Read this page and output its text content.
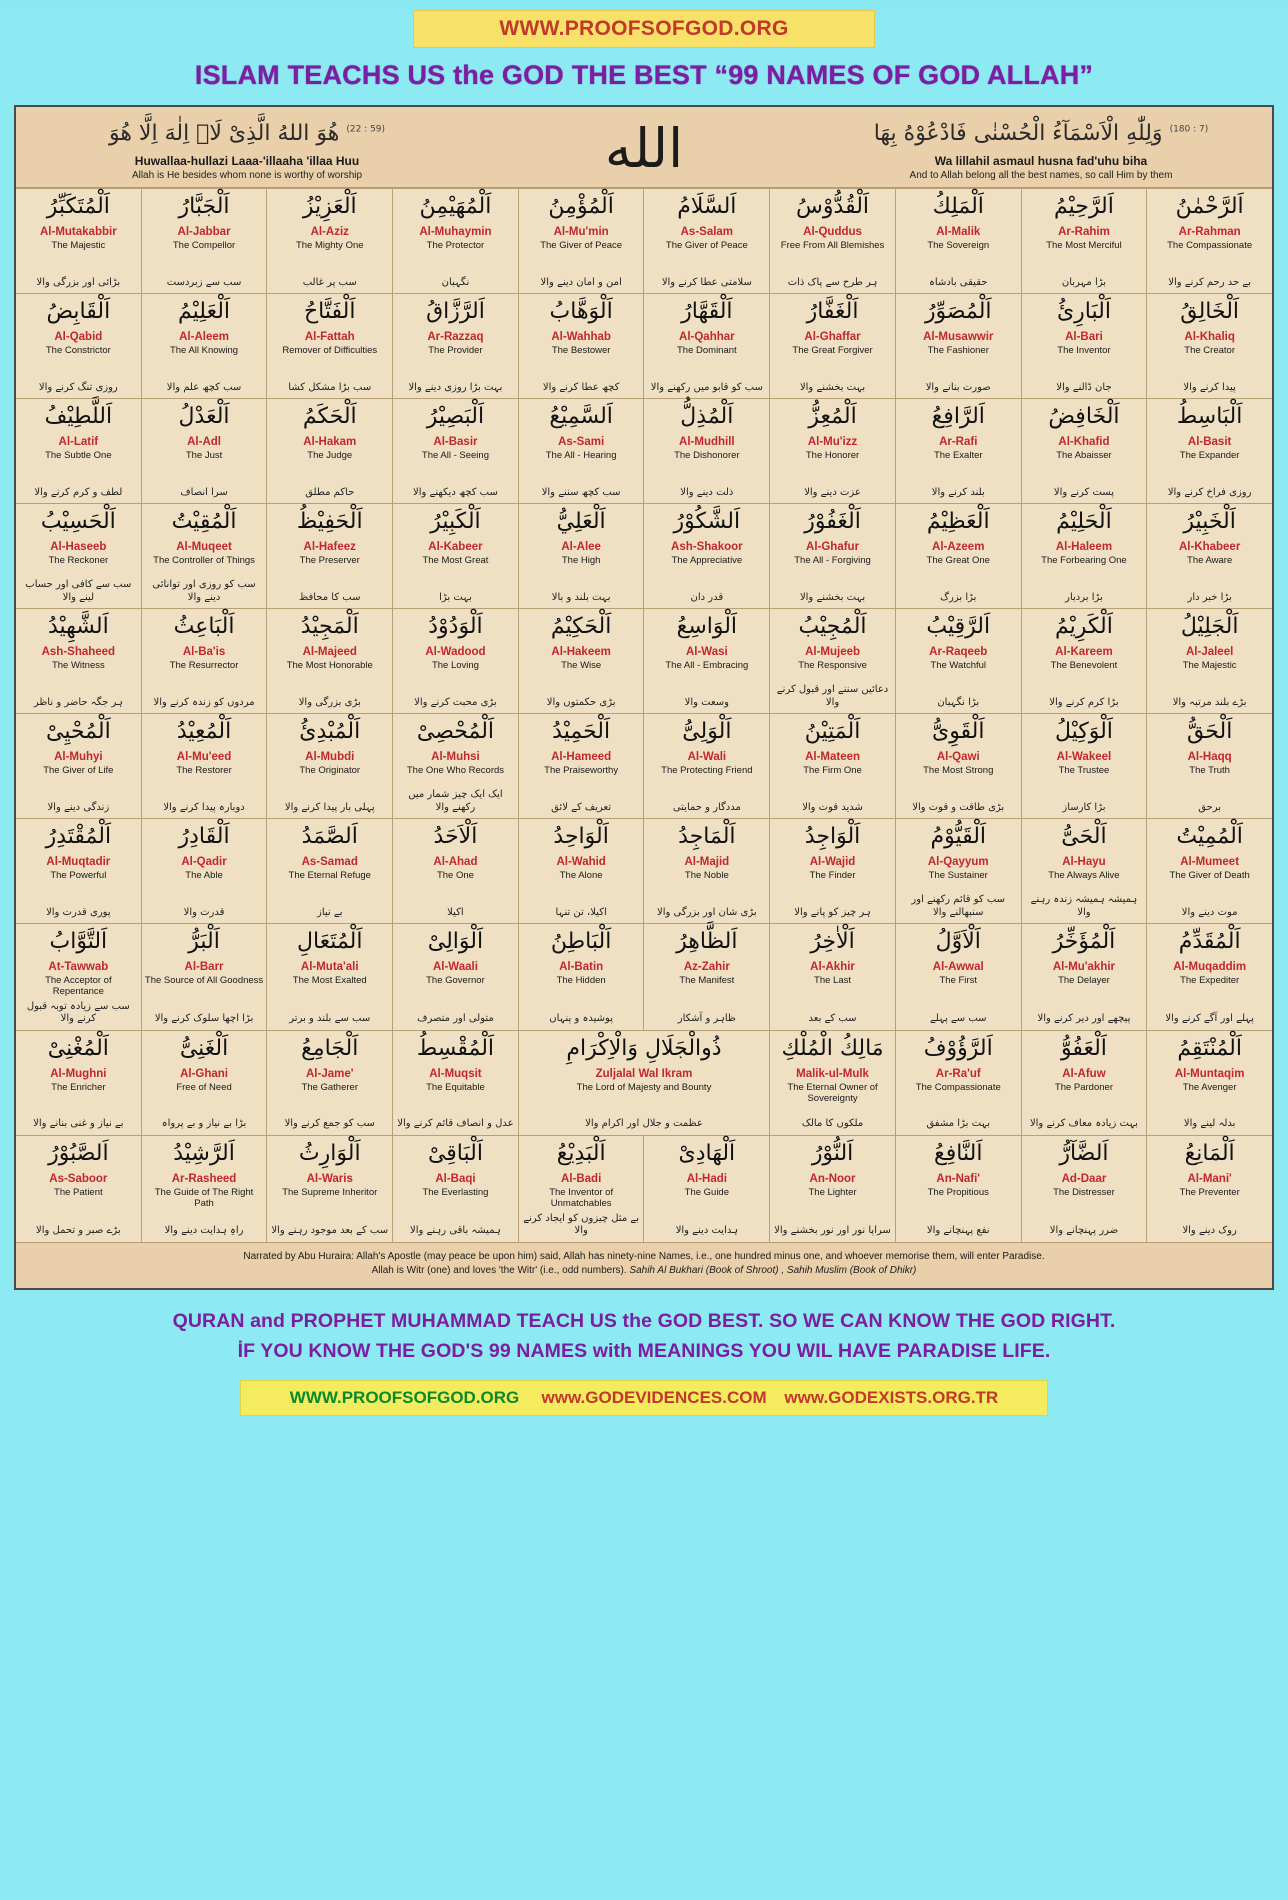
WWW.PROOFSOFGOD.ORG
ISLAM TEACHS US the GOD THE BEST “99 NAMES OF GOD ALLAH”
$^{(59 : 22)}$ هُوَ اللهُ الَّذِىْ لَاۤ اِلٰهَ اِلَّا هُوَ
Huwallaa-hullazi Laaa-'illaaha 'illaa Huu
Allah is He besides whom none is worthy of worship	الله	$^{(7 : 180)}$ وَلِلّٰهِ الْاَسْمَآءُ الْحُسْنٰى فَادْعُوْهُ بِهَا
Wa lillahil asmaul husna fad'uhu biha
And to Allah belong all the best names, so call Him by them
اَلْمُتَكَبِّرُ
Al-Mutakabbir
The Majestic
بڑائی اور بزرگی والا
اَلْجَبَّارُ
Al-Jabbar
The Compellor
سب سے زبردست
اَلْعَزِيْزُ
Al-Aziz
The Mighty One
سب پر غالب
اَلْمُهَيْمِنُ
Al-Muhaymin
The Protector
نگہبان
اَلْمُؤْمِنُ
Al-Mu'min
The Giver of Peace
امن و امان دینے والا
اَلسَّلَامُ
As-Salam
The Giver of Peace
سلامتی عطا کرنے والا
اَلْقُدُّوْسُ
Al-Quddus
Free From All Blemishes
ہر طرح سے پاک ذات
اَلْمَلِكُ
Al-Malik
The Sovereign
حقیقی بادشاہ
اَلرَّحِيْمُ
Ar-Rahim
The Most Merciful
بڑا مہربان
اَلرَّحْمٰنُ
Ar-Rahman
The Compassionate
بے حد رحم کرنے والا
اَلْقَابِضُ
Al-Qabid
The Constrictor
روزی تنگ کرنے والا
اَلْعَلِيْمُ
Al-Aleem
The All Knowing
سب کچھ علم والا
اَلْفَتَّاحُ
Al-Fattah
Remover of Difficulties
سب بڑا مشکل کشا
اَلرَّزَّاقُ
Ar-Razzaq
The Provider
بہت بڑا روزی دینے والا
اَلْوَهَّابُ
Al-Wahhab
The Bestower
کچھ عطا کرنے والا
اَلْقَهَّارُ
Al-Qahhar
The Dominant
سب کو قابو میں رکھنے والا
اَلْغَفَّارُ
Al-Ghaffar
The Great Forgiver
بہت بخشنے والا
اَلْمُصَوِّرُ
Al-Musawwir
The Fashioner
صورت بنانے والا
اَلْبَارِئُ
Al-Bari
The Inventor
جان ڈالنے والا
اَلْخَالِقُ
Al-Khaliq
The Creator
پیدا کرنے والا
اَللَّطِيْفُ
Al-Latif
The Subtle One
لطف و کرم کرنے والا
اَلْعَدْلُ
Al-Adl
The Just
سرا انصاف
اَلْحَكَمُ
Al-Hakam
The Judge
حاکم مطلق
اَلْبَصِيْرُ
Al-Basir
The All - Seeing
سب کچھ دیکھنے والا
اَلسَّمِيْعُ
As-Sami
The All - Hearing
سب کچھ سننے والا
اَلْمُذِلُّ
Al-Mudhill
The Dishonorer
ذلت دینے والا
اَلْمُعِزُّ
Al-Mu'izz
The Honorer
عزت دینے والا
اَلرَّافِعُ
Ar-Rafi
The Exalter
بلند کرنے والا
اَلْخَافِضُ
Al-Khafid
The Abaisser
پست کرنے والا
اَلْبَاسِطُ
Al-Basit
The Expander
روزی فراخ کرنے والا
اَلْحَسِيْبُ
Al-Haseeb
The Reckoner
سب سے کافی اور حساب لینے والا
اَلْمُقِيْتُ
Al-Muqeet
The Controller of Things
سب کو روزی اور توانائی دینے والا
اَلْحَفِيْظُ
Al-Hafeez
The Preserver
سب کا محافظ
اَلْكَبِيْرُ
Al-Kabeer
The Most Great
بہت بڑا
اَلْعَلِيُّ
Al-Alee
The High
بہت بلند و بالا
اَلشَّكُوْرُ
Ash-Shakoor
The Appreciative
قدر دان
اَلْغَفُوْرُ
Al-Ghafur
The All - Forgiving
بہت بخشنے والا
اَلْعَظِيْمُ
Al-Azeem
The Great One
بڑا بزرگ
اَلْحَلِيْمُ
Al-Haleem
The Forbearing One
بڑا بردبار
اَلْخَبِيْرُ
Al-Khabeer
The Aware
بڑا خبر دار
اَلشَّهِيْدُ
Ash-Shaheed
The Witness
ہر جگہ حاضر و ناظر
اَلْبَاعِثُ
Al-Ba'is
The Resurrector
مردوں کو زندہ کرنے والا
اَلْمَجِيْدُ
Al-Majeed
The Most Honorable
بڑی بزرگی والا
اَلْوَدُوْدُ
Al-Wadood
The Loving
بڑی محبت کرنے والا
اَلْحَكِيْمُ
Al-Hakeem
The Wise
بڑی حکمتوں والا
اَلْوَاسِعُ
Al-Wasi
The All - Embracing
وسعت والا
اَلْمُجِيْبُ
Al-Mujeeb
The Responsive
دعائیں سننے اور قبول کرنے والا
اَلرَّقِيْبُ
Ar-Raqeeb
The Watchful
بڑا نگہبان
اَلْكَرِيْمُ
Al-Kareem
The Benevolent
بڑا کرم کرنے والا
اَلْجَلِيْلُ
Al-Jaleel
The Majestic
بڑے بلند مرتبہ والا
اَلْمُحْيِىْ
Al-Muhyi
The Giver of Life
زندگی دینے والا
اَلْمُعِيْدُ
Al-Mu'eed
The Restorer
دوبارہ پیدا کرنے والا
اَلْمُبْدِئُ
Al-Mubdi
The Originator
پہلی بار پیدا کرنے والا
اَلْمُحْصِىْ
Al-Muhsi
The One Who Records
ایک ایک چیز شمار میں رکھنے والا
اَلْحَمِيْدُ
Al-Hameed
The Praiseworthy
تعریف کے لائق
اَلْوَلِىُّ
Al-Wali
The Protecting Friend
مددگار و حمایتی
اَلْمَتِيْنُ
Al-Mateen
The Firm One
شدید قوت والا
اَلْقَوِىُّ
Al-Qawi
The Most Strong
بڑی طاقت و قوت والا
اَلْوَكِيْلُ
Al-Wakeel
The Trustee
بڑا کارساز
اَلْحَقُّ
Al-Haqq
The Truth
برحق
اَلْمُقْتَدِرُ
Al-Muqtadir
The Powerful
پوری قدرت والا
اَلْقَادِرُ
Al-Qadir
The Able
قدرت والا
اَلصَّمَدُ
As-Samad
The Eternal Refuge
بے نیاز
اَلْاَحَدُ
Al-Ahad
The One
اکیلا
اَلْوَاحِدُ
Al-Wahid
The Alone
اکیلا، تن تنہا
اَلْمَاجِدُ
Al-Majid
The Noble
بڑی شان اور بزرگی والا
اَلْوَاجِدُ
Al-Wajid
The Finder
ہر چیز کو پانے والا
اَلْقَيُّوْمُ
Al-Qayyum
The Sustainer
سب کو قائم رکھنے اور سنبھالنے والا
اَلْحَىُّ
Al-Hayu
The Always Alive
ہمیشہ ہمیشہ زندہ رہنے والا
اَلْمُمِيْتُ
Al-Mumeet
The Giver of Death
موت دینے والا
اَلتَّوَّابُ
At-Tawwab
The Acceptor of Repentance
سب سے زیادہ توبہ قبول کرنے والا
اَلْبَرُّ
Al-Barr
The Source of All Goodness
بڑا اچھا سلوک کرنے والا
اَلْمُتَعَالِ
Al-Muta'ali
The Most Exalted
سب سے بلند و برتر
اَلْوَالِىْ
Al-Waali
The Governor
متولی اور متصرف
اَلْبَاطِنُ
Al-Batin
The Hidden
پوشیدہ و پنہاں
اَلظَّاهِرُ
Az-Zahir
The Manifest
ظاہر و آشکار
اَلْاٰخِرُ
Al-Akhir
The Last
سب کے بعد
اَلْاَوَّلُ
Al-Awwal
The First
سب سے پہلے
اَلْمُؤَخِّرُ
Al-Mu'akhir
The Delayer
پیچھے اور دیر کرنے والا
اَلْمُقَدِّمُ
Al-Muqaddim
The Expediter
پہلے اور آگے کرنے والا
اَلْمُغْنِىْ
Al-Mughni
The Enricher
بے نیاز و غنی بنانے والا
اَلْغَنِىُّ
Al-Ghani
Free of Need
بڑا بے نیاز و بے پرواہ
اَلْجَامِعُ
Al-Jame'
The Gatherer
سب کو جمع کرنے والا
اَلْمُقْسِطُ
Al-Muqsit
The Equitable
عدل و انصاف قائم کرنے والا
ذُوالْجَلَالِ وَالْاِكْرَامِ
Zuljalal Wal Ikram
The Lord of Majesty and Bounty
عظمت و جلال اور اکرام والا
مَالِكُ الْمُلْكِ
Malik-ul-Mulk
The Eternal Owner of Sovereignty
ملکوں کا مالک
اَلرَّؤُوْفُ
Ar-Ra'uf
The Compassionate
بہت بڑا مشفق
اَلْعَفُوُّ
Al-Afuw
The Pardoner
بہت زیادہ معاف کرنے والا
اَلْمُنْتَقِمُ
Al-Muntaqim
The Avenger
بدلہ لینے والا
اَلصَّبُوْرُ
As-Saboor
The Patient
بڑے صبر و تحمل والا
اَلرَّشِيْدُ
Ar-Rasheed
The Guide of The Right Path
راہِ ہدایت دینے والا
اَلْوَارِثُ
Al-Waris
The Supreme Inheritor
سب کے بعد موجود رہنے والا
اَلْبَاقِىْ
Al-Baqi
The Everlasting
ہمیشہ باقی رہنے والا
اَلْبَدِيْعُ
Al-Badi
The Inventor of Unmatchables
بے مثل چیزوں کو ایجاد کرنے والا
اَلْهَادِىْ
Al-Hadi
The Guide
ہدایت دینے والا
اَلنُّوْرُ
An-Noor
The Lighter
سراپا نور اور نور بخشنے والا
اَلنَّافِعُ
An-Nafi'
The Propitious
نفع پہنچانے والا
اَلضَّآرُّ
Ad-Daar
The Distresser
ضرر پہنچانے والا
اَلْمَانِعُ
Al-Mani'
The Preventer
روک دینے والا
Narrated by Abu Huraira: Allah's Apostle (may peace be upon him) said, Allah has ninety-nine Names, i.e., one hundred minus one, and whoever memorise them, will enter Paradise.
Allah is Witr (one) and loves 'the Witr' (i.e., odd numbers). Sahih Al Bukhari (Book of Shroot) , Sahih Muslim (Book of Dhikr)
QURAN and PROPHET MUHAMMAD TEACH US the GOD BEST. SO WE CAN KNOW THE GOD RIGHT.
İF YOU KNOW THE GOD'S 99 NAMES with MEANINGS YOU WIL HAVE PARADISE LIFE.
WWW.PROOFSOFGOD.ORG www.GODEVIDENCES.COM www.GODEXISTS.ORG.TR
